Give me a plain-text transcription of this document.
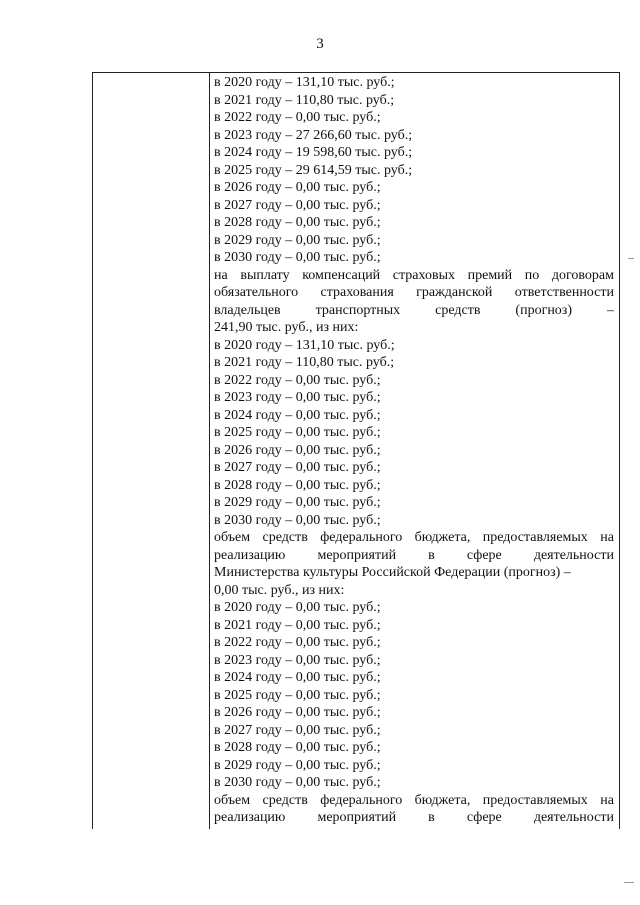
3
в 2020 году – 131,10 тыс. руб.;
в 2021 году – 110,80 тыс. руб.;
в 2022 году – 0,00 тыс. руб.;
в 2023 году – 27 266,60 тыс. руб.;
в 2024 году – 19 598,60 тыс. руб.;
в 2025 году – 29 614,59 тыс. руб.;
в 2026 году – 0,00 тыс. руб.;
в 2027 году – 0,00 тыс. руб.;
в 2028 году – 0,00 тыс. руб.;
в 2029 году – 0,00 тыс. руб.;
в 2030 году – 0,00 тыс. руб.;
на выплату компенсаций страховых премий по договорам
обязательного страхования гражданской ответственности
владельцев транспортных средств (прогноз) –
241,90 тыс. руб., из них:
в 2020 году – 131,10 тыс. руб.;
в 2021 году – 110,80 тыс. руб.;
в 2022 году – 0,00 тыс. руб.;
в 2023 году – 0,00 тыс. руб.;
в 2024 году – 0,00 тыс. руб.;
в 2025 году – 0,00 тыс. руб.;
в 2026 году – 0,00 тыс. руб.;
в 2027 году – 0,00 тыс. руб.;
в 2028 году – 0,00 тыс. руб.;
в 2029 году – 0,00 тыс. руб.;
в 2030 году – 0,00 тыс. руб.;
объем средств федерального бюджета, предоставляемых на
реализацию мероприятий в сфере деятельности
Министерства культуры Российской Федерации (прогноз) –
0,00 тыс. руб., из них:
в 2020 году – 0,00 тыс. руб.;
в 2021 году – 0,00 тыс. руб.;
в 2022 году – 0,00 тыс. руб.;
в 2023 году – 0,00 тыс. руб.;
в 2024 году – 0,00 тыс. руб.;
в 2025 году – 0,00 тыс. руб.;
в 2026 году – 0,00 тыс. руб.;
в 2027 году – 0,00 тыс. руб.;
в 2028 году – 0,00 тыс. руб.;
в 2029 году – 0,00 тыс. руб.;
в 2030 году – 0,00 тыс. руб.;
объем средств федерального бюджета, предоставляемых на
реализацию мероприятий в сфере деятельности
